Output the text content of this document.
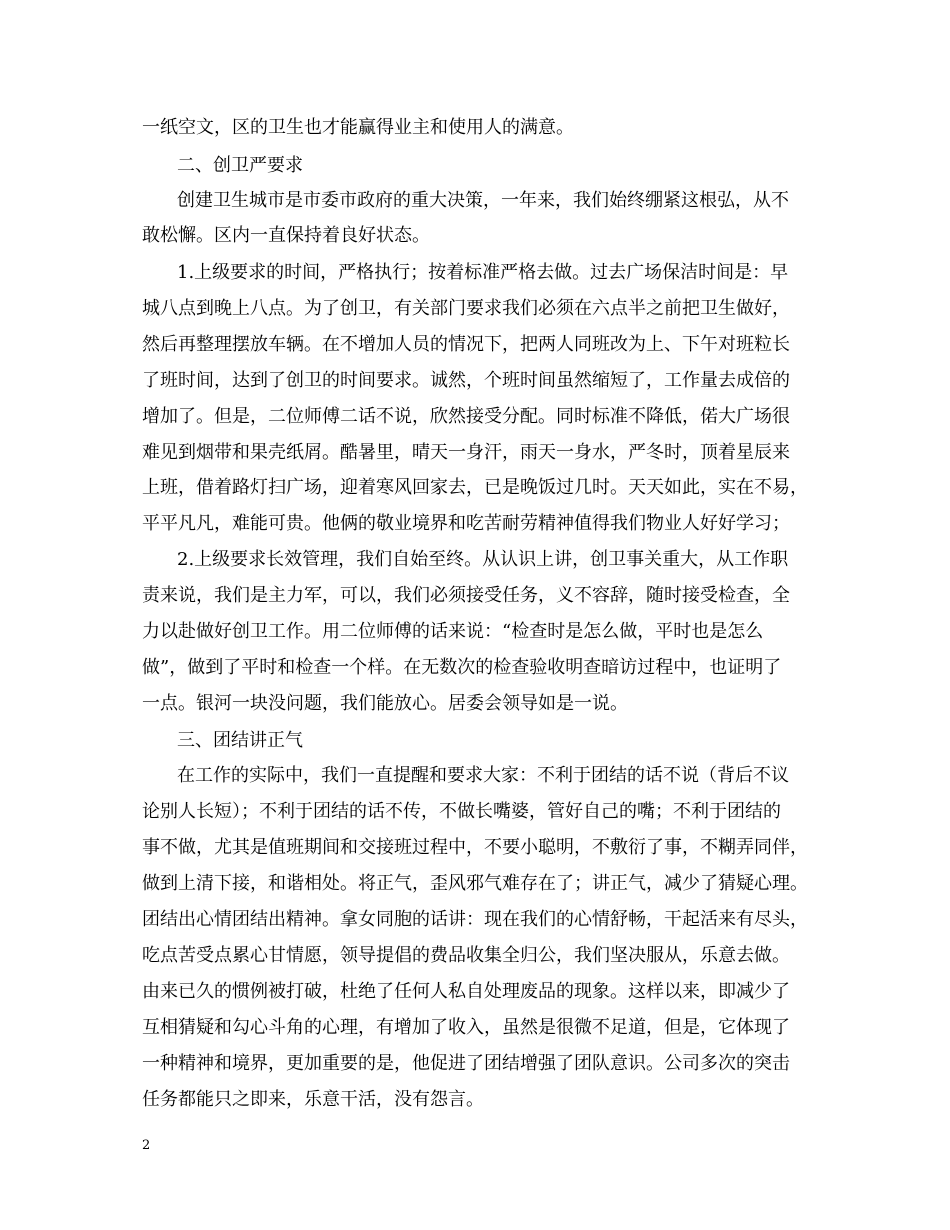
一纸空文，区的卫生也才能赢得业主和使用人的满意。
二、创卫严要求
创建卫生城市是市委市政府的重大决策，一年来，我们始终绷紧这根弘，从不
敢松懈。区内一直保持着良好状态。
1.上级要求的时间，严格执行；按着标准严格去做。过去广场保洁时间是：早
城八点到晚上八点。为了创卫，有关部门要求我们必须在六点半之前把卫生做好，
然后再整理摆放车辆。在不增加人员的情况下，把两人同班改为上、下午对班粒长
了班时间，达到了创卫的时间要求。诚然，个班时间虽然缩短了，工作量去成倍的
增加了。但是，二位师傅二话不说，欣然接受分配。同时标准不降低，偌大广场很
难见到烟带和果壳纸屑。酷暑里，晴天一身汗，雨天一身水，严冬时，顶着星辰来
上班，借着路灯扫广场，迎着寒风回家去，已是晚饭过几时。天天如此，实在不易，
平平凡凡，难能可贵。他俩的敬业境界和吃苦耐劳精神值得我们物业人好好学习；
2.上级要求长效管理，我们自始至终。从认识上讲，创卫事关重大，从工作职
责来说，我们是主力军，可以，我们必须接受任务，义不容辞，随时接受检查，全
力以赴做好创卫工作。用二位师傅的话来说：“检查时是怎么做，平时也是怎么
做”，做到了平时和检查一个样。在无数次的检查验收明查暗访过程中，也证明了
一点。银河一块没问题，我们能放心。居委会领导如是一说。
三、团结讲正气
在工作的实际中，我们一直提醒和要求大家：不利于团结的话不说（背后不议
论别人长短）；不利于团结的话不传，不做长嘴婆，管好自己的嘴；不利于团结的
事不做，尤其是值班期间和交接班过程中，不要小聪明，不敷衍了事，不糊弄同伴，
做到上清下接，和谐相处。将正气，歪风邪气难存在了；讲正气，减少了猜疑心理。
团结出心情团结出精神。拿女同胞的话讲：现在我们的心情舒畅，干起活来有尽头，
吃点苦受点累心甘情愿，领导提倡的费品收集全归公，我们坚决服从，乐意去做。
由来已久的惯例被打破，杜绝了任何人私自处理废品的现象。这样以来，即减少了
互相猜疑和勾心斗角的心理，有增加了收入，虽然是很微不足道，但是，它体现了
一种精神和境界，更加重要的是，他促进了团结增强了团队意识。公司多次的突击
任务都能只之即来，乐意干活，没有怨言。
2
